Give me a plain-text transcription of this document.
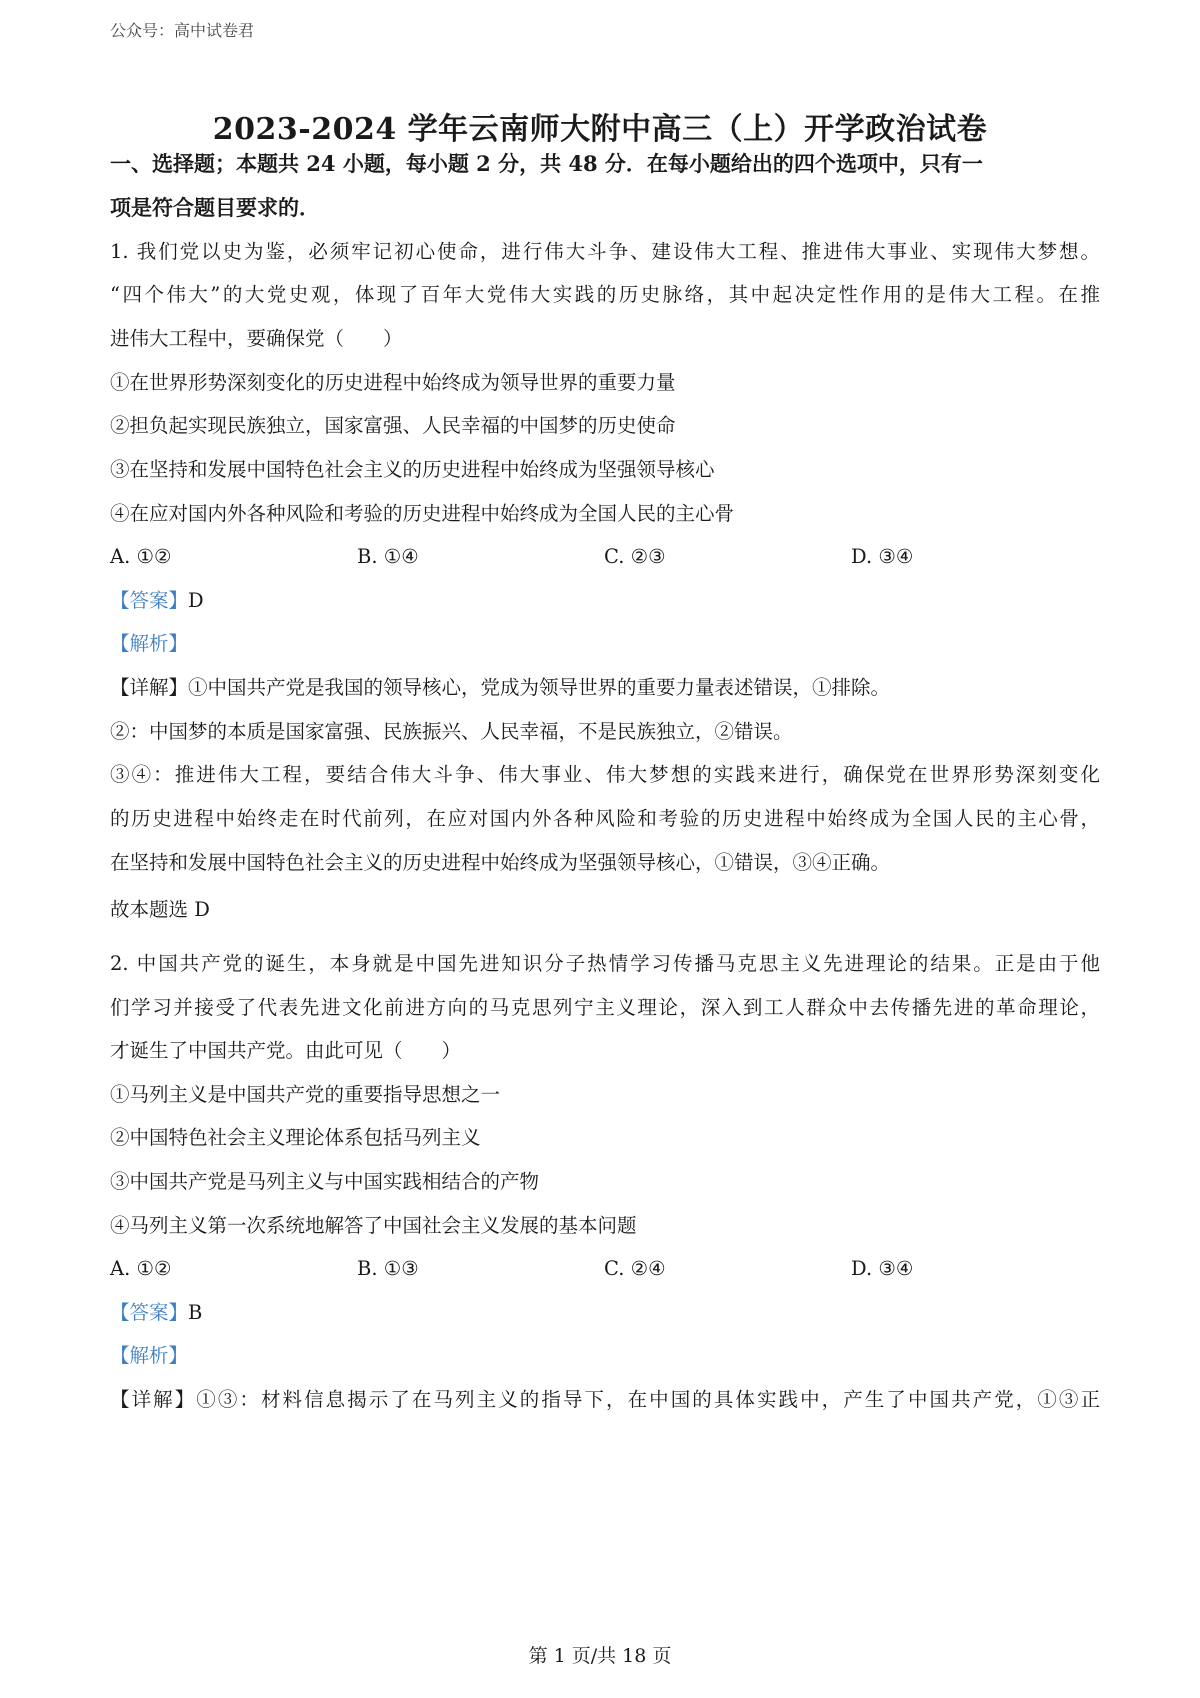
公众号：高中试卷君
2023-2024 学年云南师大附中高三（上）开学政治试卷
一、选择题；本题共 24 小题，每小题 2 分，共 48 分．在每小题给出的四个选项中，只有一
项是符合题目要求的．
1. 我们党以史为鉴，必须牢记初心使命，进行伟大斗争、建设伟大工程、推进伟大事业、实现伟大梦想。
“四个伟大”的大党史观，体现了百年大党伟大实践的历史脉络，其中起决定性作用的是伟大工程。在推
进伟大工程中，要确保党（　　）
①在世界形势深刻变化的历史进程中始终成为领导世界的重要力量
②担负起实现民族独立，国家富强、人民幸福的中国梦的历史使命
③在坚持和发展中国特色社会主义的历史进程中始终成为坚强领导核心
④在应对国内外各种风险和考验的历史进程中始终成为全国人民的主心骨
A. ①②	B. ①④	C. ②③	D. ③④
【答案】D
【解析】
【详解】①中国共产党是我国的领导核心，党成为领导世界的重要力量表述错误，①排除。
②：中国梦的本质是国家富强、民族振兴、人民幸福，不是民族独立，②错误。
③④：推进伟大工程，要结合伟大斗争、伟大事业、伟大梦想的实践来进行，确保党在世界形势深刻变化
的历史进程中始终走在时代前列，在应对国内外各种风险和考验的历史进程中始终成为全国人民的主心骨，
在坚持和发展中国特色社会主义的历史进程中始终成为坚强领导核心，①错误，③④正确。
故本题选 D
2. 中国共产党的诞生，本身就是中国先进知识分子热情学习传播马克思主义先进理论的结果。正是由于他
们学习并接受了代表先进文化前进方向的马克思列宁主义理论，深入到工人群众中去传播先进的革命理论，
才诞生了中国共产党。由此可见（　　）
①马列主义是中国共产党的重要指导思想之一
②中国特色社会主义理论体系包括马列主义
③中国共产党是马列主义与中国实践相结合的产物
④马列主义第一次系统地解答了中国社会主义发展的基本问题
A. ①②	B. ①③	C. ②④	D. ③④
【答案】B
【解析】
【详解】①③：材料信息揭示了在马列主义的指导下，在中国的具体实践中，产生了中国共产党，①③正
第 1 页/共 18 页
